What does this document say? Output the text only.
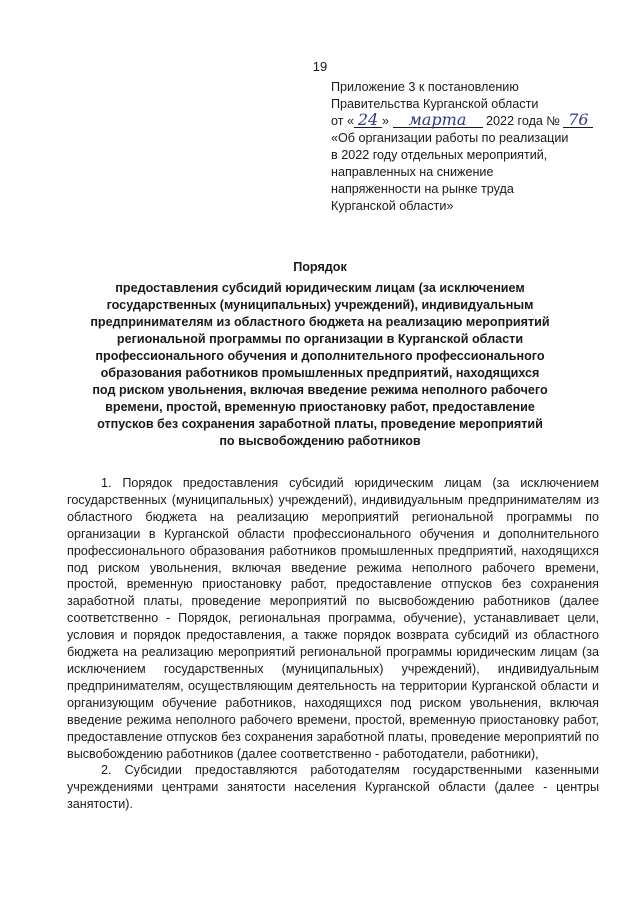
19
Приложение 3 к постановлению
Правительства Курганской области
от « 24 » марта 2022 года № 76
«Об организации работы по реализации
в 2022 году отдельных мероприятий,
направленных на снижение
напряженности на рынке труда
Курганской области»
Порядок
предоставления субсидий юридическим лицам (за исключением
государственных (муниципальных) учреждений), индивидуальным
предпринимателям из областного бюджета на реализацию мероприятий
региональной программы по организации в Курганской области
профессионального обучения и дополнительного профессионального
образования работников промышленных предприятий, находящихся
под риском увольнения, включая введение режима неполного рабочего
времени, простой, временную приостановку работ, предоставление
отпусков без сохранения заработной платы, проведение мероприятий
по высвобождению работников

1. Порядок предоставления субсидий юридическим лицам (за исключением государственных (муниципальных) учреждений), индивидуальным предпринимателям из областного бюджета на реализацию мероприятий региональной программы по организации в Курганской области профессионального обучения и дополнительного профессионального образования работников промышленных предприятий, находящихся под риском увольнения, включая введение режима неполного рабочего времени, простой, временную приостановку работ, предоставление отпусков без сохранения заработной платы, проведение мероприятий по высвобождению работников (далее соответственно - Порядок, региональная программа, обучение), устанавливает цели, условия и порядок предоставления, а также порядок возврата субсидий из областного бюджета на реализацию мероприятий региональной программы юридическим лицам (за исключением государственных (муниципальных) учреждений), индивидуальным предпринимателям, осуществляющим деятельность на территории Курганской области и организующим обучение работников, находящихся под риском увольнения, включая введение режима неполного рабочего времени, простой, временную приостановку работ, предоставление отпусков без сохранения заработной платы, проведение мероприятий по высвобождению работников (далее соответственно - работодатели, работники),

2. Субсидии предоставляются работодателям государственными казенными учреждениями центрами занятости населения Курганской области (далее - центры занятости).
